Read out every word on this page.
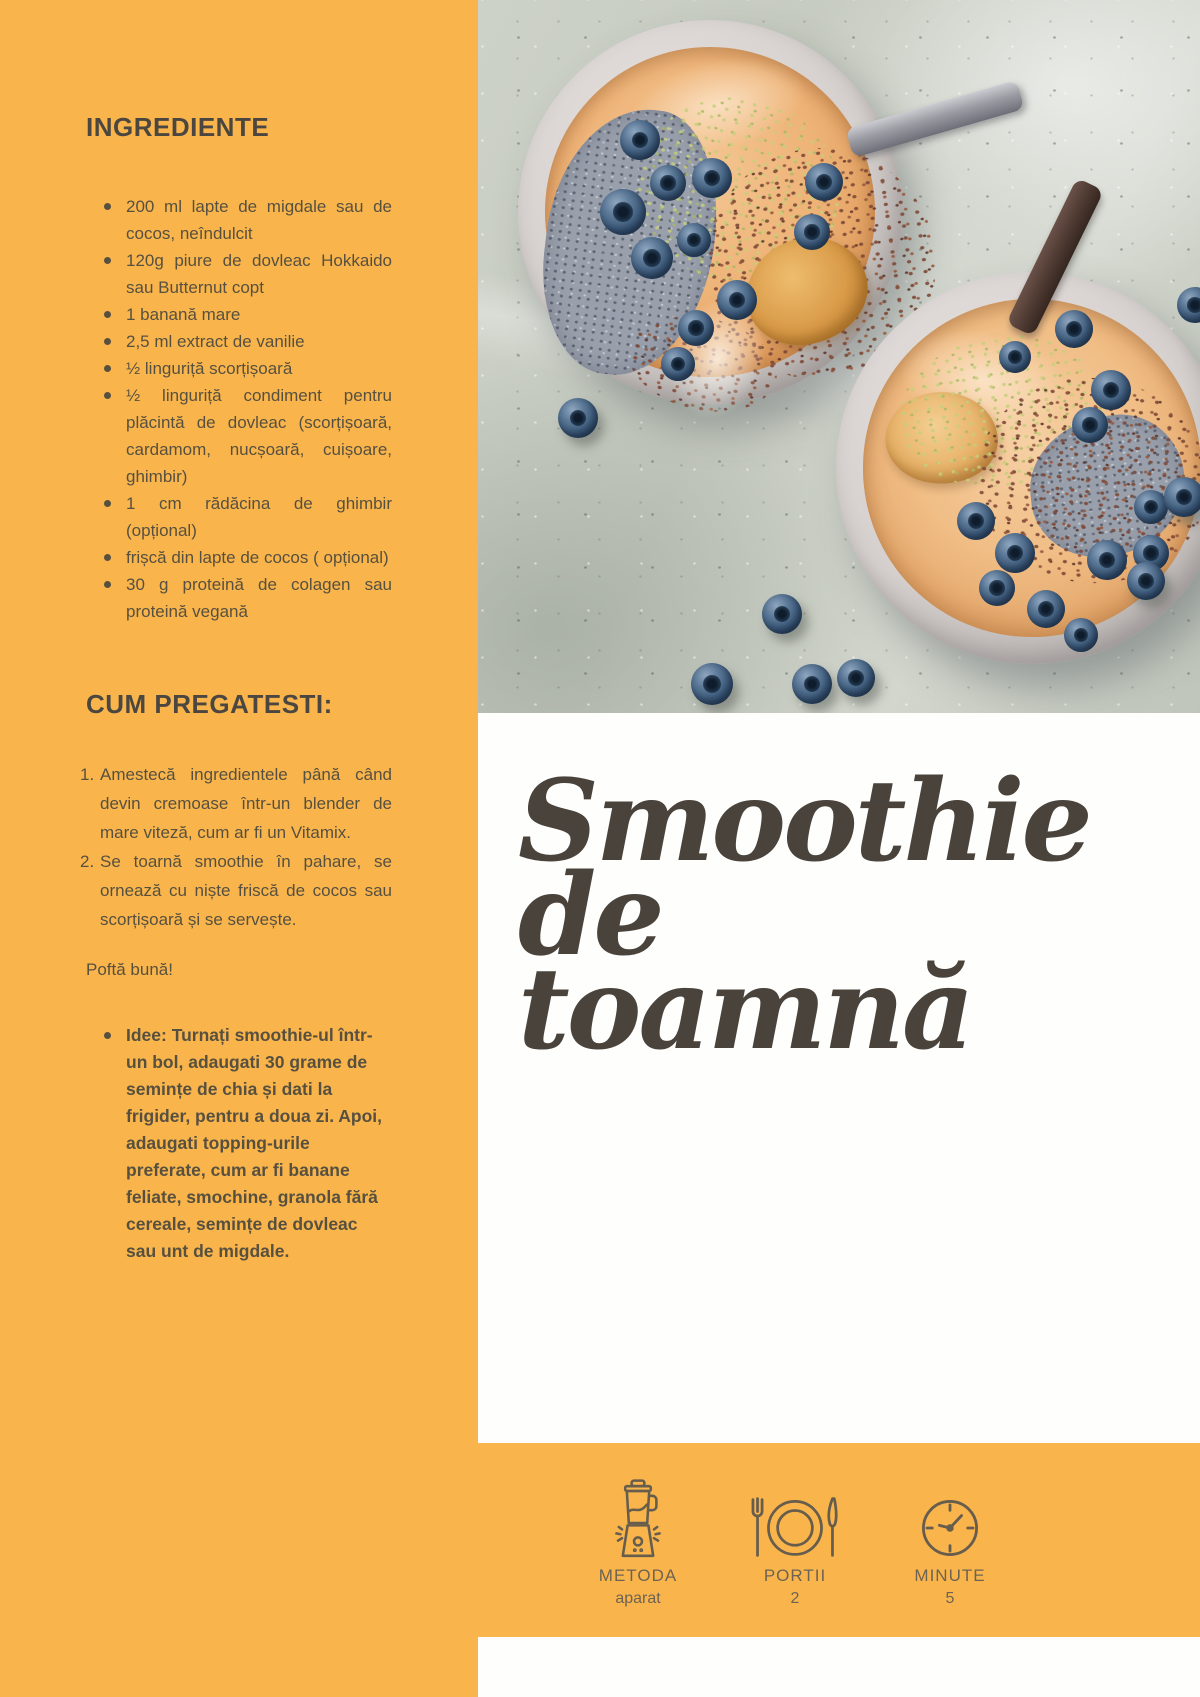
INGREDIENTE
200 ml lapte de migdale sau de cocos, neîndulcit
120g piure de dovleac Hokkaido sau Butternut copt
1 banană mare
2,5 ml extract de vanilie
½ linguriță scorțișoară
½ linguriță condiment pentru plăcintă de dovleac (scorțișoară, cardamom, nucșoară, cuișoare, ghimbir)
1 cm rădăcina de ghimbir (opțional)
frișcă din lapte de cocos ( opțional)
30 g proteină de colagen sau proteină vegană
CUM PREGATESTI:
Amestecă ingredientele până când devin cremoase într-un blender de mare viteză, cum ar fi un Vitamix.
Se toarnă smoothie în pahare, se ornează cu niște friscă de cocos sau scorțișoară și se servește.

Poftă bună!

Idee: Turnați smoothie-ul într-un bol, adaugati 30 grame de semințe de chia și dati la frigider, pentru a doua zi. Apoi, adaugati topping-urile preferate, cum ar fi banane feliate, smochine, granola fără cereale, semințe de dovleac sau unt de migdale.
Smoothie
de
toamnă
METODA
aparat
PORTII
2
MINUTE
5
